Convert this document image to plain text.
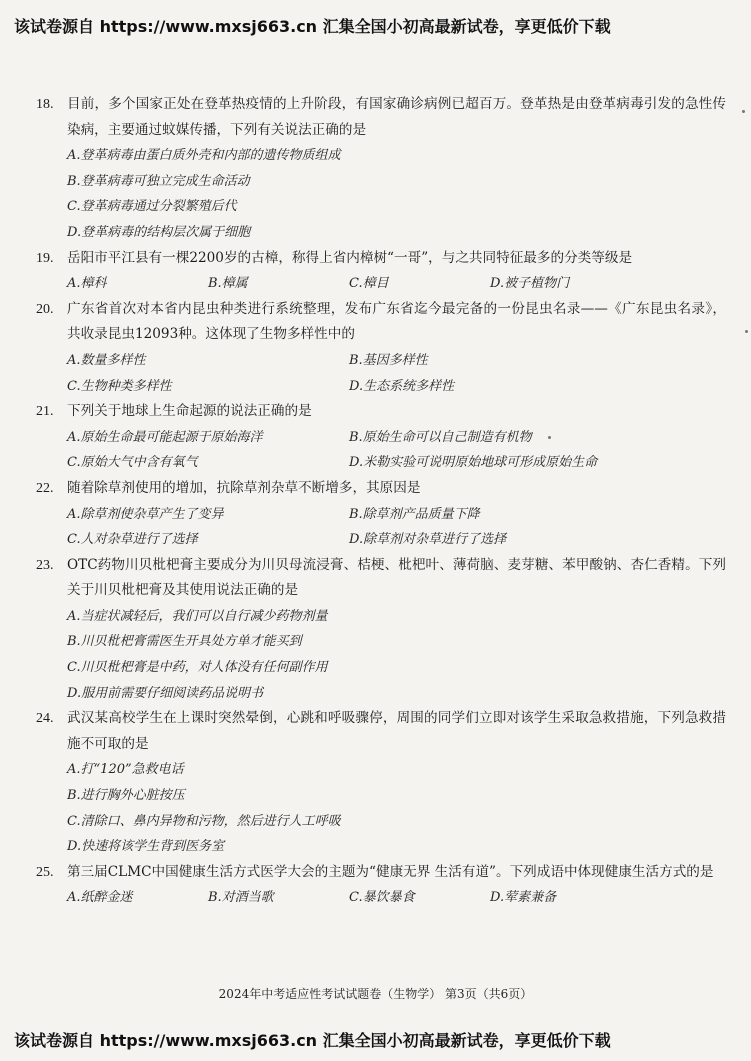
该试卷源自 https://www.mxsj663.cn 汇集全国小初高最新试卷，享更低价下载
18. 目前，多个国家正处在登革热疫情的上升阶段，有国家确诊病例已超百万。登革热是由登革病毒引发的急性传染病，主要通过蚊媒传播，下列有关说法正确的是
A.登革病毒由蛋白质外壳和内部的遗传物质组成
B.登革病毒可独立完成生命活动
C.登革病毒通过分裂繁殖后代
D.登革病毒的结构层次属于细胞
19. 岳阳市平江县有一棵2200岁的古樟，称得上省内樟树“一哥”，与之共同特征最多的分类等级是
A.樟科	B.樟属	C.樟目	D.被子植物门
20. 广东省首次对本省内昆虫种类进行系统整理，发布广东省迄今最完备的一份昆虫名录——《广东昆虫名录》，共收录昆虫12093种。这体现了生物多样性中的
A.数量多样性	B.基因多样性
C.生物种类多样性	D.生态系统多样性
21. 下列关于地球上生命起源的说法正确的是
A.原始生命最可能起源于原始海洋	B.原始生命可以自己制造有机物
C.原始大气中含有氧气	D.米勒实验可说明原始地球可形成原始生命
22. 随着除草剂使用的增加，抗除草剂杂草不断增多，其原因是
A.除草剂使杂草产生了变异	B.除草剂产品质量下降
C.人对杂草进行了选择	D.除草剂对杂草进行了选择
23. OTC药物川贝枇杷膏主要成分为川贝母流浸膏、桔梗、枇杷叶、薄荷脑、麦芽糖、苯甲酸钠、杏仁香精。下列关于川贝枇杷膏及其使用说法正确的是
A.当症状减轻后，我们可以自行减少药物剂量
B.川贝枇杷膏需医生开具处方单才能买到
C.川贝枇杷膏是中药，对人体没有任何副作用
D.服用前需要仔细阅读药品说明书
24. 武汉某高校学生在上课时突然晕倒，心跳和呼吸骤停，周围的同学们立即对该学生采取急救措施，下列急救措施不可取的是
A.打“120”急救电话
B.进行胸外心脏按压
C.清除口、鼻内异物和污物，然后进行人工呼吸
D.快速将该学生背到医务室
25. 第三届CLMC中国健康生活方式医学大会的主题为“健康无界 生活有道”。下列成语中体现健康生活方式的是
A.纸醉金迷	B.对酒当歌	C.暴饮暴食	D.荤素兼备
2024年中考适应性考试试题卷（生物学） 第3页（共6页）
该试卷源自 https://www.mxsj663.cn 汇集全国小初高最新试卷，享更低价下载
